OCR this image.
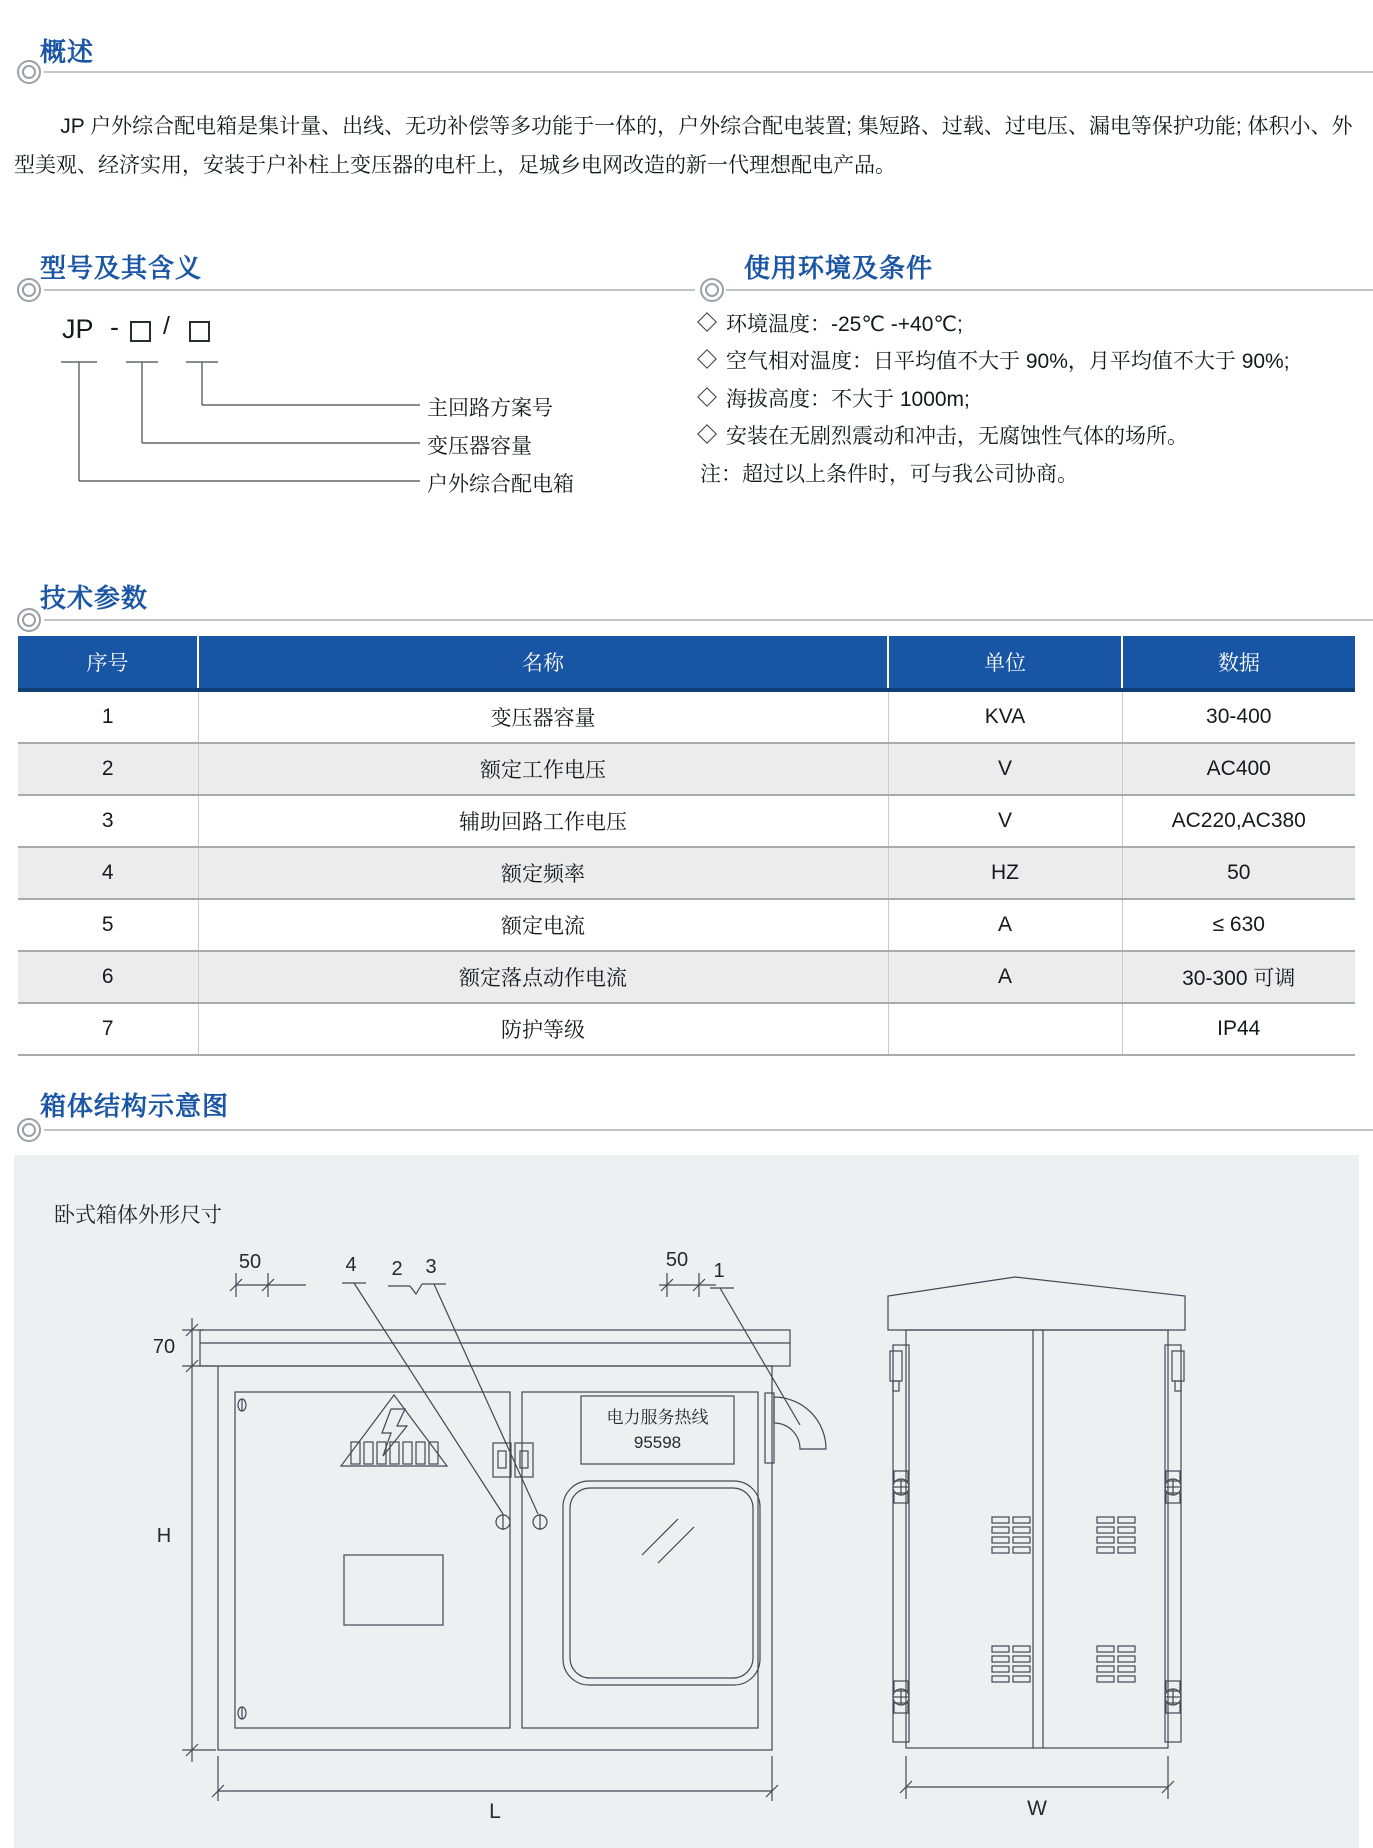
概述

JP 户外综合配电箱是集计量、出线、无功补偿等多功能于一体的，户外综合配电装置; 集短路、过载、过电压、漏电等保护功能; 体积小、外型美观、经济实用，安装于户补柱上变压器的电杆上，足城乡电网改造的新一代理想配电产品。

型号及其含义
JP - /
主回路方案号
变压器容量
户外综合配电箱
使用环境及条件
环境温度：-25℃ -+40℃;
空气相对温度：日平均值不大于 90%，月平均值不大于 90%;
海拔高度：不大于 1000m;
安装在无剧烈震动和冲击，无腐蚀性气体的场所。
注：超过以上条件时，可与我公司协商。
技术参数
序号	名称	单位	数据
1	变压器容量	KVA	30-400
2	额定工作电压	V	AC400
3	辅助回路工作电压	V	AC220,AC380
4	额定频率	HZ	50
5	额定电流	A	≤ 630
6	额定落点动作电流	A	30-300 可调
7	防护等级		IP44
箱体结构示意图
卧式箱体外形尺寸
50	4 2 3	50	1
70
H
L	W
电力服务热线
95598
